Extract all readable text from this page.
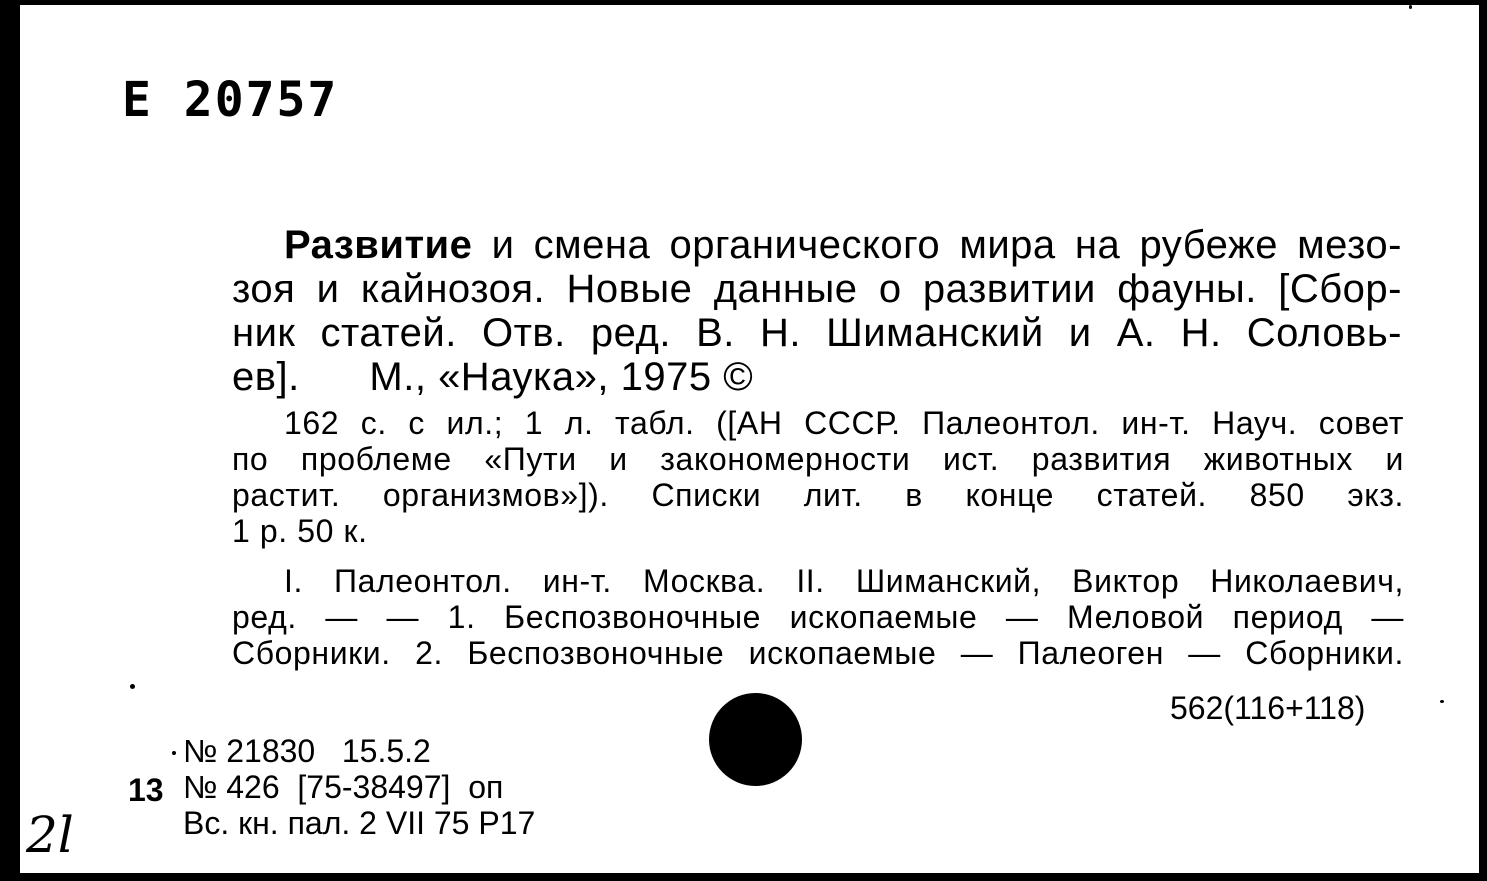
Е 20757
Развитие и смена органического мира на рубеже мезо-
зоя и кайнозоя. Новые данные о развитии фауны. [Сбор-
ник статей. Отв. ред. В. Н. Шиманский и А. Н. Соловь-
ев].      М., «Наука», 1975 ©
162 с. с ил.; 1 л. табл. ([АН СССР. Палеонтол. ин-т. Науч. совет
по проблеме «Пути и закономерности ист. развития животных и
растит. организмов»]). Списки лит. в конце статей. 850 экз.
1 р. 50 к.
I. Палеонтол. ин-т. Москва. II. Шиманский, Виктор Николаевич,
ред. — — 1. Беспозвоночные ископаемые — Меловой период —
Сборники. 2. Беспозвоночные ископаемые — Палеоген — Сборники.
562(116+118)
№ 21830   15.5.2
№ 426  [75-38497]  оп
Вс. кн. пал. 2 VII 75 Р17
13
2l
